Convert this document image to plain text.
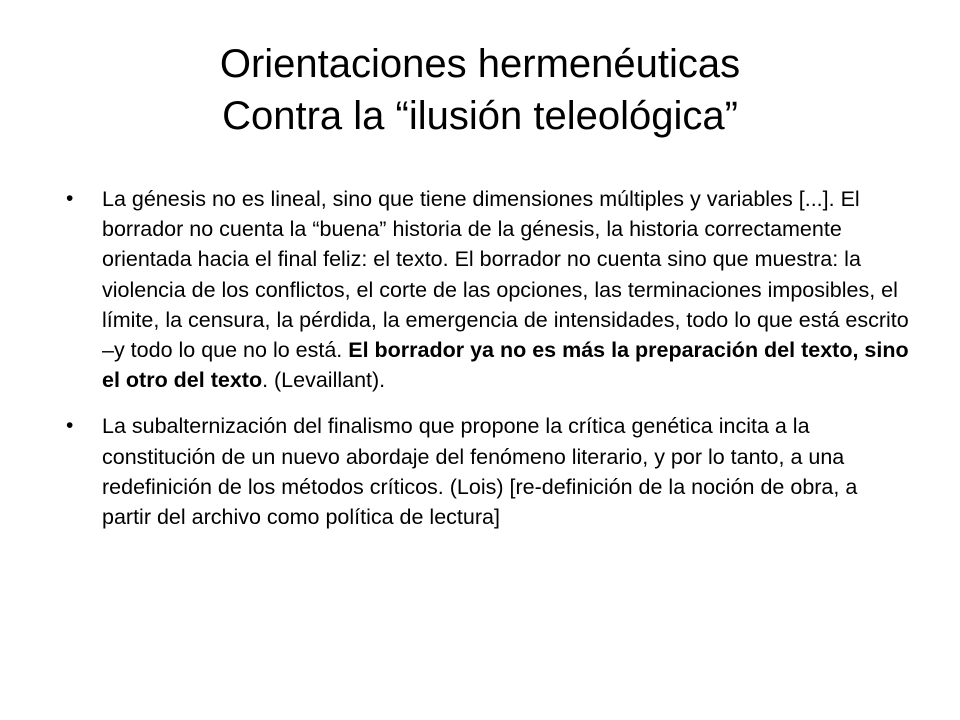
Orientaciones hermenéuticas
Contra la “ilusión teleológica”
• La génesis no es lineal, sino que tiene dimensiones múltiples y variables [...]. El borrador no cuenta la “buena” historia de la génesis, la historia correctamente orientada hacia el final feliz: el texto. El borrador no cuenta sino que muestra: la violencia de los conflictos, el corte de las opciones, las terminaciones imposibles, el límite, la censura, la pérdida, la emergencia de intensidades, todo lo que está escrito –y todo lo que no lo está. El borrador ya no es más la preparación del texto, sino el otro del texto. (Levaillant).
• La subalternización del finalismo que propone la crítica genética incita a la constitución de un nuevo abordaje del fenómeno literario, y por lo tanto, a una redefinición de los métodos críticos. (Lois) [re-definición de la noción de obra, a partir del archivo como política de lectura]
